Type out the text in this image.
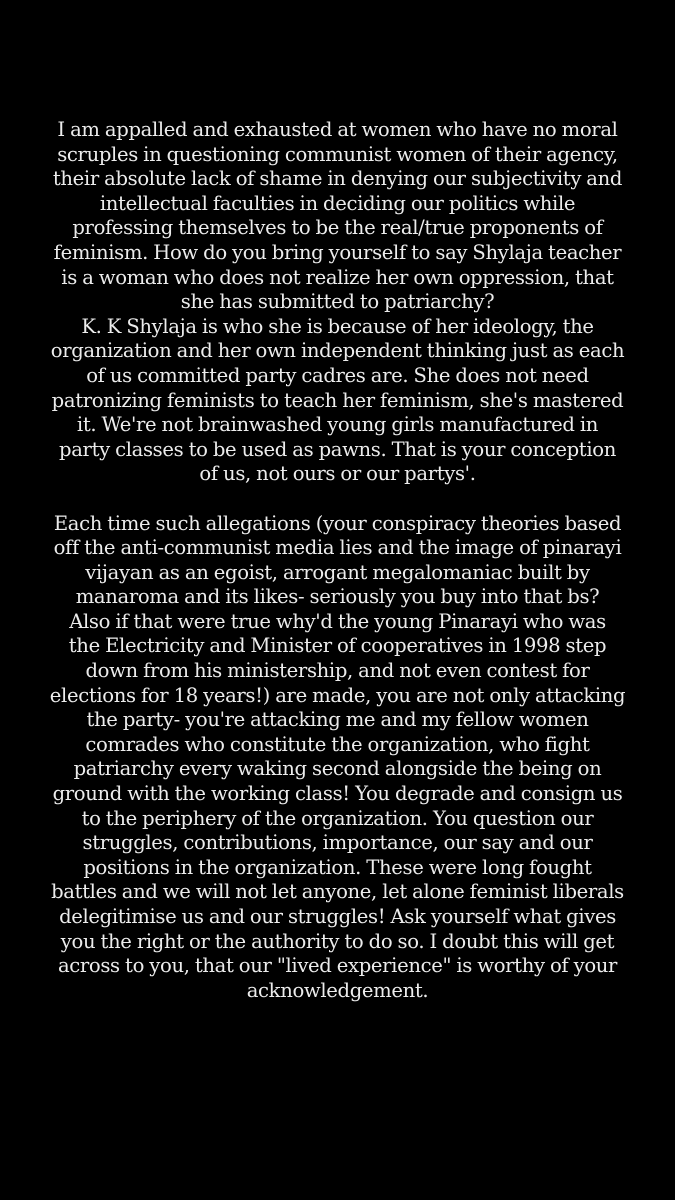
I am appalled and exhausted at women who have no moral
scruples in questioning communist women of their agency,
their absolute lack of shame in denying our subjectivity and
intellectual faculties in deciding our politics while
professing themselves to be the real/true proponents of
feminism. How do you bring yourself to say Shylaja teacher
is a woman who does not realize her own oppression, that
she has submitted to patriarchy?

K. K Shylaja is who she is because of her ideology, the
organization and her own independent thinking just as each
of us committed party cadres are. She does not need
patronizing feminists to teach her feminism, she's mastered
it. We're not brainwashed young girls manufactured in
party classes to be used as pawns. That is your conception
of us, not ours or our partys'.

Each time such allegations (your conspiracy theories based
off the anti-communist media lies and the image of pinarayi
vijayan as an egoist, arrogant megalomaniac built by
manaroma and its likes- seriously you buy into that bs?
Also if that were true why'd the young Pinarayi who was
the Electricity and Minister of cooperatives in 1998 step
down from his ministership, and not even contest for
elections for 18 years!) are made, you are not only attacking
the party- you're attacking me and my fellow women
comrades who constitute the organization, who fight
patriarchy every waking second alongside the being on
ground with the working class! You degrade and consign us
to the periphery of the organization. You question our
struggles, contributions, importance, our say and our
positions in the organization. These were long fought
battles and we will not let anyone, let alone feminist liberals
delegitimise us and our struggles! Ask yourself what gives
you the right or the authority to do so. I doubt this will get
across to you, that our "lived experience" is worthy of your
acknowledgement.
